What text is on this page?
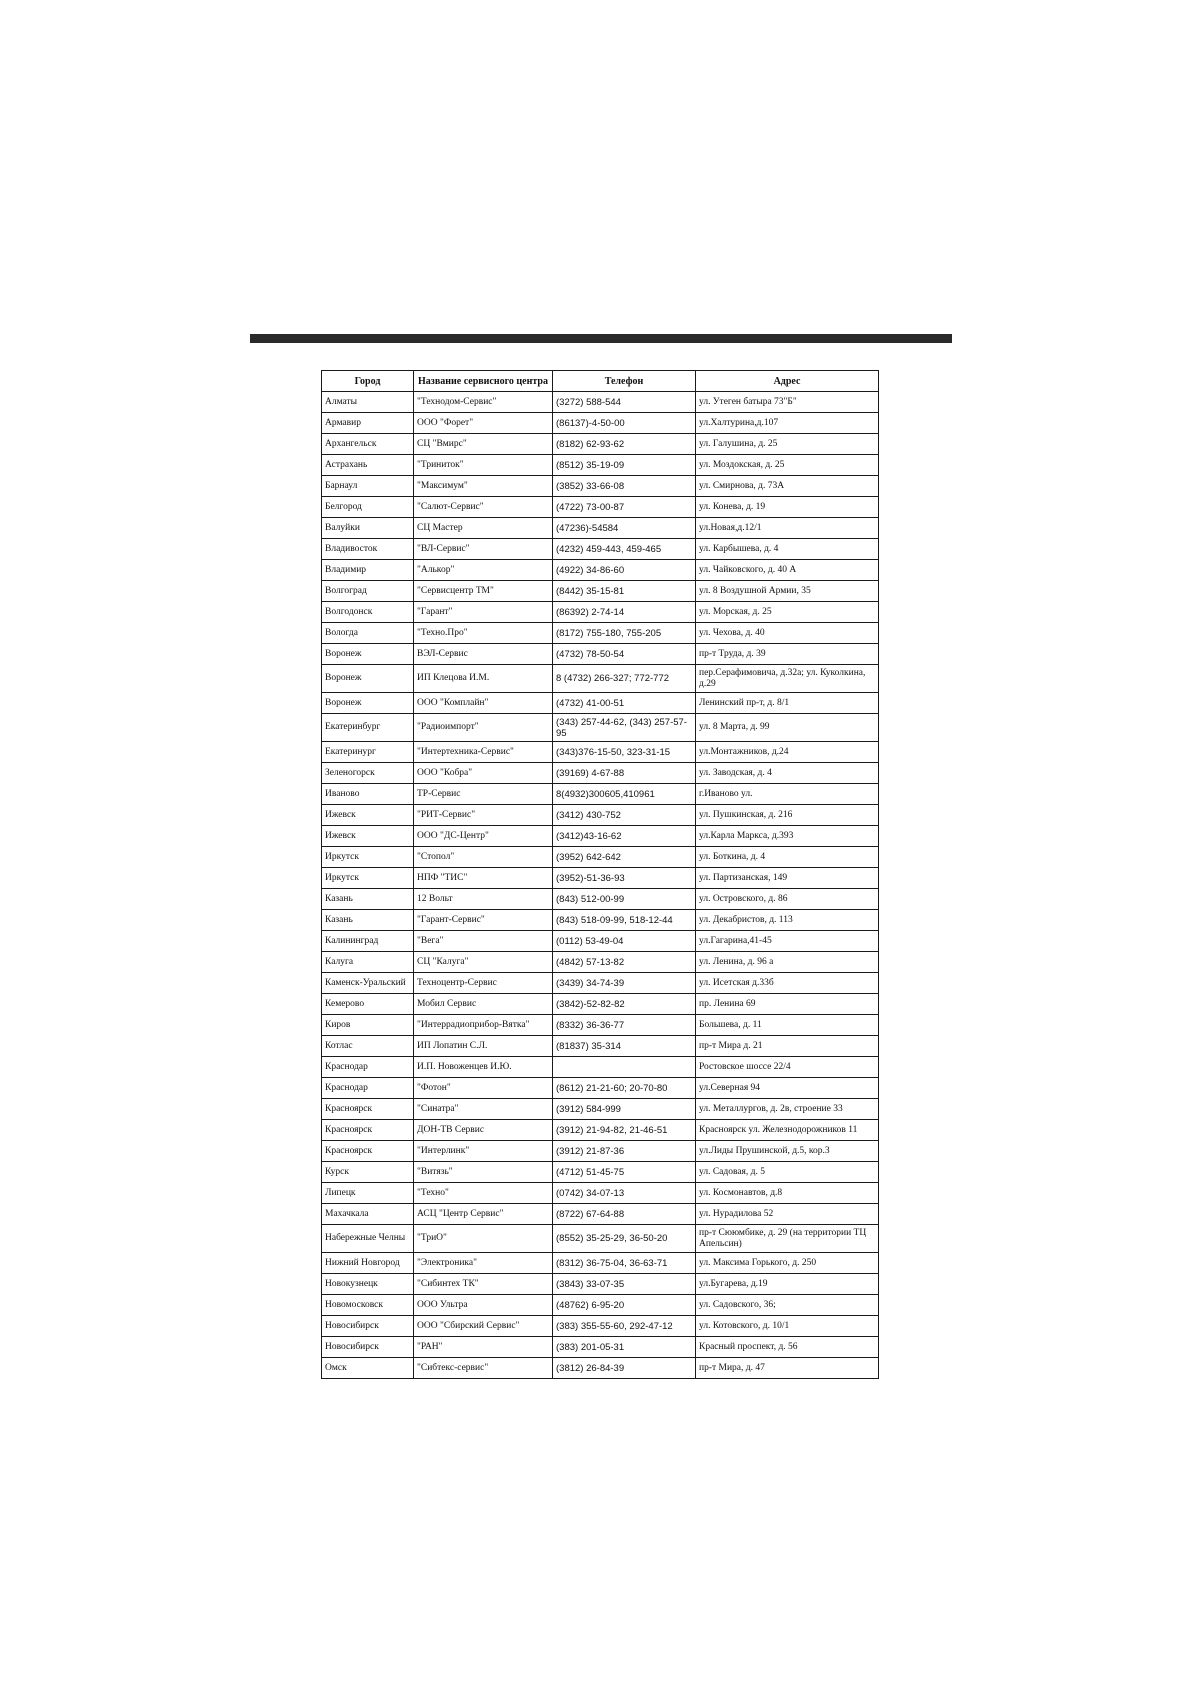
Город	Название сервисного центра	Телефон	Адрес
Алматы	"Технодом-Сервис"	(3272) 588-544	ул. Утеген батыра 73"Б"
Армавир	ООО "Форет"	(86137)-4-50-00	ул.Халтурина,д.107
Архангельск	СЦ "Вмирс"	(8182) 62-93-62	ул. Галушина, д. 25
Астрахань	"Триниток"	(8512) 35-19-09	ул. Моздокская, д. 25
Барнаул	"Максимум"	(3852) 33-66-08	ул. Смирнова, д. 73А
Белгород	"Салют-Сервис"	(4722) 73-00-87	ул. Конева, д. 19
Валуйки	СЦ Мастер	(47236)-54584	ул.Новая,д.12/1
Владивосток	"ВЛ-Сервис"	(4232) 459-443, 459-465	ул. Карбышева, д. 4
Владимир	"Алькор"	(4922) 34-86-60	ул. Чайковского, д. 40 А
Волгоград	"Сервисцентр ТМ"	(8442) 35-15-81	ул. 8 Воздушной Армии, 35
Волгодонск	"Гарант"	(86392) 2-74-14	ул. Морская, д. 25
Вологда	"Техно.Про"	(8172) 755-180, 755-205	ул. Чехова, д. 40
Воронеж	ВЭЛ-Сервис	(4732) 78-50-54	пр-т Труда, д. 39
Воронеж	ИП Клецова И.М.	8 (4732) 266-327; 772-772	пер.Серафимовича, д.32а; ул. Куколкина, д.29
Воронеж	ООО "Комплайн"	(4732) 41-00-51	Ленинский пр-т, д. 8/1
Екатеринбург	"Радиоимпорт"	(343) 257-44-62, (343) 257-57-95	ул. 8 Марта, д. 99
Екатеринург	"Интертехника-Сервис"	(343)376-15-50, 323-31-15	ул.Монтажников, д.24
Зеленогорск	ООО "Кобра"	(39169) 4-67-88	ул. Заводская, д. 4
Иваново	ТР-Сервис	8(4932)300605,410961	г.Иваново ул.
Ижевск	"РИТ-Сервис"	(3412) 430-752	ул. Пушкинская, д. 216
Ижевск	ООО "ДС-Центр"	(3412)43-16-62	ул.Карла Маркса, д.393
Иркутск	"Стопол"	(3952) 642-642	ул. Боткина, д. 4
Иркутск	НПФ "ТИС"	(3952)-51-36-93	ул. Партизанская, 149
Казань	12 Вольт	(843) 512-00-99	ул. Островского, д. 86
Казань	"Гарант-Сервис"	(843) 518-09-99, 518-12-44	ул. Декабристов, д. 113
Калининград	"Вега"	(0112) 53-49-04	ул.Гагарина,41-45
Калуга	СЦ "Калуга"	(4842) 57-13-82	ул. Ленина, д. 96 а
Каменск-Уральский	Техноцентр-Сервис	(3439) 34-74-39	ул. Исетская д.33б
Кемерово	Мобил Сервис	(3842)-52-82-82	пр. Ленина 69
Киров	"Интеррадиоприбор-Вятка"	(8332) 36-36-77	Большева, д. 11
Котлас	ИП Лопатин С.Л.	(81837) 35-314	пр-т Мира д. 21
Краснодар	И.П. Новоженцев И.Ю.		Ростовское шоссе 22/4
Краснодар	"Фотон"	(8612) 21-21-60; 20-70-80	ул.Северная 94
Красноярск	"Синатра"	(3912) 584-999	ул. Металлургов, д. 2в, строение 33
Красноярск	ДОН-ТВ Сервис	(3912) 21-94-82, 21-46-51	Красноярск ул. Железнодорожников 11
Красноярск	"Интерлинк"	(3912) 21-87-36	ул.Лиды Прушинской, д.5, кор.3
Курск	"Витязь"	(4712) 51-45-75	ул. Садовая, д. 5
Липецк	"Техно"	(0742) 34-07-13	ул. Космонавтов, д.8
Махачкала	АСЦ "Центр Сервис"	(8722) 67-64-88	ул. Нурадилова 52
Набережные Челны	"ТриО"	(8552) 35-25-29, 36-50-20	пр-т Сююмбике, д. 29 (на территории ТЦ Апельсин)
Нижний Новгород	"Электроника"	(8312) 36-75-04, 36-63-71	ул. Максима Горького, д. 250
Новокузнецк	"Сибинтех ТК"	(3843) 33-07-35	ул.Бугарева, д.19
Новомосковск	ООО Ультра	(48762) 6-95-20	ул. Садовского, 36;
Новосибирск	ООО "Сбирский Сервис"	(383) 355-55-60, 292-47-12	ул. Котовского, д. 10/1
Новосибирск	"РАН"	(383) 201-05-31	Красный проспект, д. 56
Омск	"Сибтекс-сервис"	(3812) 26-84-39	пр-т Мира, д. 47
